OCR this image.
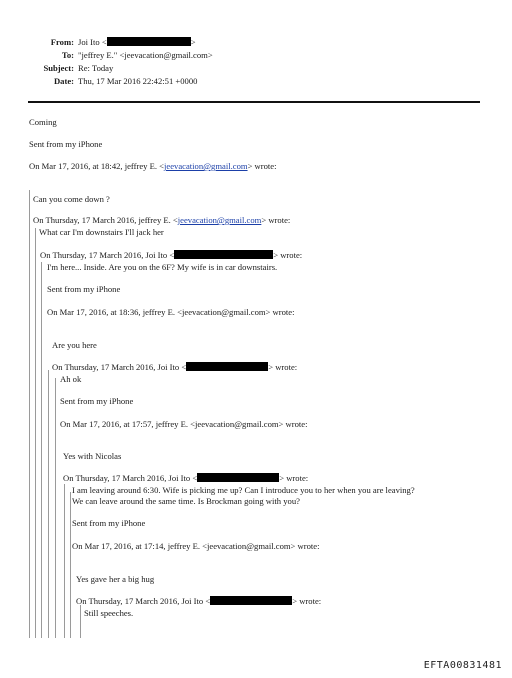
From: Joi Ito <	>
To: "jeffrey E." <jeevacation@gmail.com>
Subject: Re: Today
Date: Thu, 17 Mar 2016 22:42:51 +0000
Coming
Sent from my iPhone
On Mar 17, 2016, at 18:42, jeffrey E. <jeevacation@gmail.com> wrote:
Can you come down ?
On Thursday, 17 March 2016, jeffrey E. <jeevacation@gmail.com> wrote:
What car I'm downstairs I'll jack her
On Thursday, 17 March 2016, Joi Ito <	> wrote:
I'm here... Inside. Are you on the 6F? My wife is in car downstairs.
Sent from my iPhone
On Mar 17, 2016, at 18:36, jeffrey E. <jeevacation@gmail.com> wrote:
Are you here
On Thursday, 17 March 2016, Joi Ito <	> wrote:
Ah ok
Sent from my iPhone
On Mar 17, 2016, at 17:57, jeffrey E. <jeevacation@gmail.com> wrote:
Yes with Nicolas
On Thursday, 17 March 2016, Joi Ito <	> wrote:
I am leaving around 6:30. Wife is picking me up? Can I introduce you to her when you are leaving?
We can leave around the same time. Is Brockman going with you?
Sent from my iPhone
On Mar 17, 2016, at 17:14, jeffrey E. <jeevacation@gmail.com> wrote:
Yes gave her a big hug
On Thursday, 17 March 2016, Joi Ito <	> wrote:
Still speeches.
EFTA00831481
